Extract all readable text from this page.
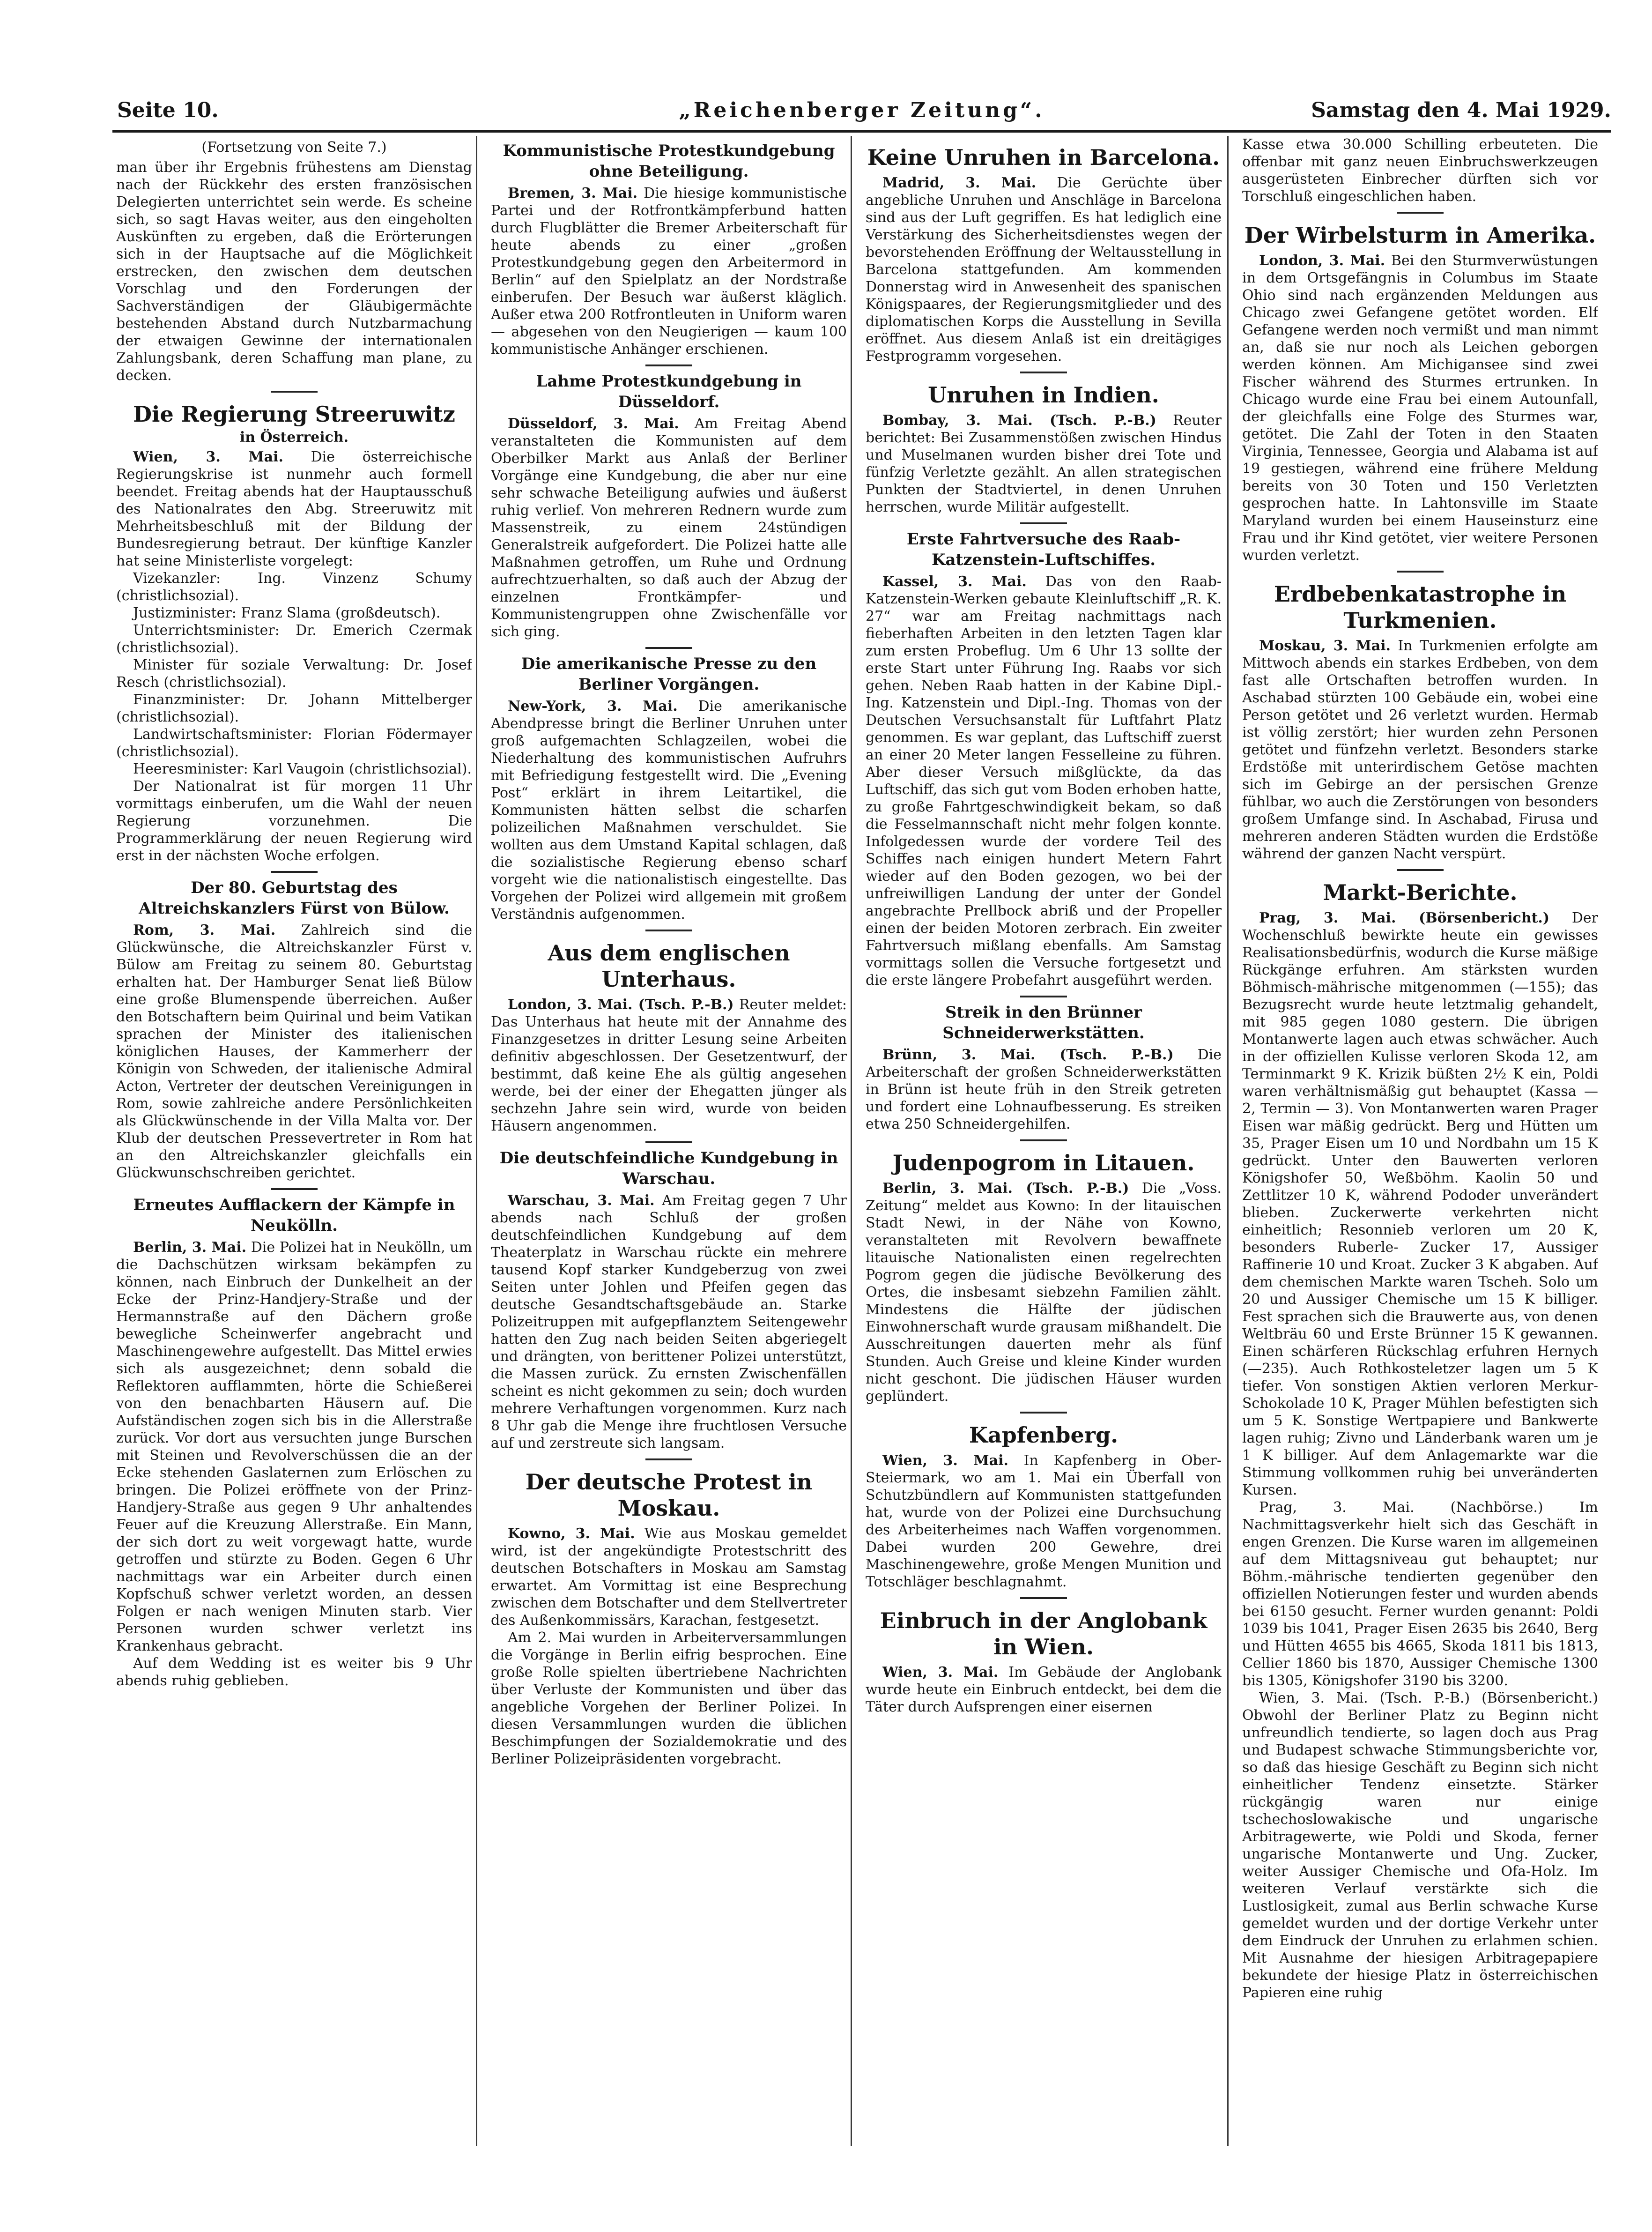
Seite 10.	„Reichenberger Zeitung“.	Samstag den 4. Mai 1929.
(Fortsetzung von Seite 7.)

man über ihr Ergebnis frühestens am Dienstag nach der Rückkehr des ersten französischen Delegierten unterrichtet sein werde. Es scheine sich, so sagt Havas weiter, aus den eingeholten Auskünften zu ergeben, daß die Erörterungen sich in der Hauptsache auf die Möglichkeit erstrecken, den zwischen dem deutschen Vorschlag und den Forderungen der Sachverständigen der Gläubigermächte bestehenden Abstand durch Nutzbarmachung der etwaigen Gewinne der internationalen Zahlungsbank, deren Schaffung man plane, zu decken.

Die Regierung Streeruwitz
in Österreich.

Wien, 3. Mai. Die österreichische Regierungskrise ist nunmehr auch formell beendet. Freitag abends hat der Hauptausschuß des Nationalrates den Abg. Streeruwitz mit Mehrheitsbeschluß mit der Bildung der Bundesregierung betraut. Der künftige Kanzler hat seine Ministerliste vorgelegt:

Vizekanzler: Ing. Vinzenz Schumy (christlichsozial).

Justizminister: Franz Slama (großdeutsch).

Unterrichtsminister: Dr. Emerich Czermak (christlichsozial).

Minister für soziale Verwaltung: Dr. Josef Resch (christlichsozial).

Finanzminister: Dr. Johann Mittelberger (christlichsozial).

Landwirtschaftsminister: Florian Födermayer (christlichsozial).

Heeresminister: Karl Vaugoin (christlichsozial).

Der Nationalrat ist für morgen 11 Uhr vormittags einberufen, um die Wahl der neuen Regierung vorzunehmen. Die Programmerklärung der neuen Regierung wird erst in der nächsten Woche erfolgen.

Der 80. Geburtstag des Altreichskanzlers Fürst von Bülow.

Rom, 3. Mai. Zahlreich sind die Glückwünsche, die Altreichskanzler Fürst v. Bülow am Freitag zu seinem 80. Geburtstag erhalten hat. Der Hamburger Senat ließ Bülow eine große Blumenspende überreichen. Außer den Botschaftern beim Quirinal und beim Vatikan sprachen der Minister des italienischen königlichen Hauses, der Kammerherr der Königin von Schweden, der italienische Admiral Acton, Vertreter der deutschen Vereinigungen in Rom, sowie zahlreiche andere Persönlichkeiten als Glückwünschende in der Villa Malta vor. Der Klub der deutschen Pressevertreter in Rom hat an den Altreichskanzler gleichfalls ein Glückwunschschreiben gerichtet.

Erneutes Aufflackern der Kämpfe in Neukölln.

Berlin, 3. Mai. Die Polizei hat in Neukölln, um die Dachschützen wirksam bekämpfen zu können, nach Einbruch der Dunkelheit an der Ecke der Prinz-Handjery-Straße und der Hermannstraße auf den Dächern große bewegliche Scheinwerfer angebracht und Maschinengewehre aufgestellt. Das Mittel erwies sich als ausgezeichnet; denn sobald die Reflektoren aufflammten, hörte die Schießerei von den benachbarten Häusern auf. Die Aufständischen zogen sich bis in die Allerstraße zurück. Vor dort aus versuchten junge Burschen mit Steinen und Revolverschüssen die an der Ecke stehenden Gaslaternen zum Erlöschen zu bringen. Die Polizei eröffnete von der Prinz-Handjery-Straße aus gegen 9 Uhr anhaltendes Feuer auf die Kreuzung Allerstraße. Ein Mann, der sich dort zu weit vorgewagt hatte, wurde getroffen und stürzte zu Boden. Gegen 6 Uhr nachmittags war ein Arbeiter durch einen Kopfschuß schwer verletzt worden, an dessen Folgen er nach wenigen Minuten starb. Vier Personen wurden schwer verletzt ins Krankenhaus gebracht.

Auf dem Wedding ist es weiter bis 9 Uhr abends ruhig geblieben.

Kommunistische Protestkundgebung ohne Beteiligung.

Bremen, 3. Mai. Die hiesige kommunistische Partei und der Rotfrontkämpferbund hatten durch Flugblätter die Bremer Arbeiterschaft für heute abends zu einer „großen Protestkundgebung gegen den Arbeitermord in Berlin“ auf den Spielplatz an der Nordstraße einberufen. Der Besuch war äußerst kläglich. Außer etwa 200 Rotfrontleuten in Uniform waren — abgesehen von den Neugierigen — kaum 100 kommunistische Anhänger erschienen.

Lahme Protestkundgebung in Düsseldorf.

Düsseldorf, 3. Mai. Am Freitag Abend veranstalteten die Kommunisten auf dem Oberbilker Markt aus Anlaß der Berliner Vorgänge eine Kundgebung, die aber nur eine sehr schwache Beteiligung aufwies und äußerst ruhig verlief. Von mehreren Rednern wurde zum Massenstreik, zu einem 24stündigen Generalstreik aufgefordert. Die Polizei hatte alle Maßnahmen getroffen, um Ruhe und Ordnung aufrechtzuerhalten, so daß auch der Abzug der einzelnen Frontkämpfer- und Kommunistengruppen ohne Zwischenfälle vor sich ging.

Die amerikanische Presse zu den Berliner Vorgängen.

New-York, 3. Mai. Die amerikanische Abendpresse bringt die Berliner Unruhen unter groß aufgemachten Schlagzeilen, wobei die Niederhaltung des kommunistischen Aufruhrs mit Befriedigung festgestellt wird. Die „Evening Post“ erklärt in ihrem Leitartikel, die Kommunisten hätten selbst die scharfen polizeilichen Maßnahmen verschuldet. Sie wollten aus dem Umstand Kapital schlagen, daß die sozialistische Regierung ebenso scharf vorgeht wie die nationalistisch eingestellte. Das Vorgehen der Polizei wird allgemein mit großem Verständnis aufgenommen.

Aus dem englischen Unterhaus.

London, 3. Mai. (Tsch. P.-B.) Reuter meldet: Das Unterhaus hat heute mit der Annahme des Finanzgesetzes in dritter Lesung seine Arbeiten definitiv abgeschlossen. Der Gesetzentwurf, der bestimmt, daß keine Ehe als gültig angesehen werde, bei der einer der Ehegatten jünger als sechzehn Jahre sein wird, wurde von beiden Häusern angenommen.

Die deutschfeindliche Kundgebung in Warschau.

Warschau, 3. Mai. Am Freitag gegen 7 Uhr abends nach Schluß der großen deutschfeindlichen Kundgebung auf dem Theaterplatz in Warschau rückte ein mehrere tausend Kopf starker Kundgeberzug von zwei Seiten unter Johlen und Pfeifen gegen das deutsche Gesandtschaftsgebäude an. Starke Polizeitruppen mit aufgepflanztem Seitengewehr hatten den Zug nach beiden Seiten abgeriegelt und drängten, von berittener Polizei unterstützt, die Massen zurück. Zu ernsten Zwischenfällen scheint es nicht gekommen zu sein; doch wurden mehrere Verhaftungen vorgenommen. Kurz nach 8 Uhr gab die Menge ihre fruchtlosen Versuche auf und zerstreute sich langsam.

Der deutsche Protest in Moskau.

Kowno, 3. Mai. Wie aus Moskau gemeldet wird, ist der angekündigte Protestschritt des deutschen Botschafters in Moskau am Samstag erwartet. Am Vormittag ist eine Besprechung zwischen dem Botschafter und dem Stellvertreter des Außenkommissärs, Karachan, festgesetzt.

Am 2. Mai wurden in Arbeiterversammlungen die Vorgänge in Berlin eifrig besprochen. Eine große Rolle spielten übertriebene Nachrichten über Verluste der Kommunisten und über das angebliche Vorgehen der Berliner Polizei. In diesen Versammlungen wurden die üblichen Beschimpfungen der Sozialdemokratie und des Berliner Polizeipräsidenten vorgebracht.

Keine Unruhen in Barcelona.

Madrid, 3. Mai. Die Gerüchte über angebliche Unruhen und Anschläge in Barcelona sind aus der Luft gegriffen. Es hat lediglich eine Verstärkung des Sicherheitsdienstes wegen der bevorstehenden Eröffnung der Weltausstellung in Barcelona stattgefunden. Am kommenden Donnerstag wird in Anwesenheit des spanischen Königspaares, der Regierungsmitglieder und des diplomatischen Korps die Ausstellung in Sevilla eröffnet. Aus diesem Anlaß ist ein dreitägiges Festprogramm vorgesehen.

Unruhen in Indien.

Bombay, 3. Mai. (Tsch. P.-B.) Reuter berichtet: Bei Zusammenstößen zwischen Hindus und Muselmanen wurden bisher drei Tote und fünfzig Verletzte gezählt. An allen strategischen Punkten der Stadtviertel, in denen Unruhen herrschen, wurde Militär aufgestellt.

Erste Fahrtversuche des Raab-Katzenstein-Luftschiffes.

Kassel, 3. Mai. Das von den Raab-Katzenstein-Werken gebaute Kleinluftschiff „R. K. 27“ war am Freitag nachmittags nach fieberhaften Arbeiten in den letzten Tagen klar zum ersten Probeflug. Um 6 Uhr 13 sollte der erste Start unter Führung Ing. Raabs vor sich gehen. Neben Raab hatten in der Kabine Dipl.-Ing. Katzenstein und Dipl.-Ing. Thomas von der Deutschen Versuchsanstalt für Luftfahrt Platz genommen. Es war geplant, das Luftschiff zuerst an einer 20 Meter langen Fesselleine zu führen. Aber dieser Versuch mißglückte, da das Luftschiff, das sich gut vom Boden erhoben hatte, zu große Fahrtgeschwindigkeit bekam, so daß die Fesselmannschaft nicht mehr folgen konnte. Infolgedessen wurde der vordere Teil des Schiffes nach einigen hundert Metern Fahrt wieder auf den Boden gezogen, wo bei der unfreiwilligen Landung der unter der Gondel angebrachte Prellbock abriß und der Propeller einen der beiden Motoren zerbrach. Ein zweiter Fahrtversuch mißlang ebenfalls. Am Samstag vormittags sollen die Versuche fortgesetzt und die erste längere Probefahrt ausgeführt werden.

Streik in den Brünner Schneiderwerkstätten.

Brünn, 3. Mai. (Tsch. P.-B.) Die Arbeiterschaft der großen Schneiderwerkstätten in Brünn ist heute früh in den Streik getreten und fordert eine Lohnaufbesserung. Es streiken etwa 250 Schneidergehilfen.

Judenpogrom in Litauen.

Berlin, 3. Mai. (Tsch. P.-B.) Die „Voss. Zeitung“ meldet aus Kowno: In der litauischen Stadt Newi, in der Nähe von Kowno, veranstalteten mit Revolvern bewaffnete litauische Nationalisten einen regelrechten Pogrom gegen die jüdische Bevölkerung des Ortes, die insbesamt siebzehn Familien zählt. Mindestens die Hälfte der jüdischen Einwohnerschaft wurde grausam mißhandelt. Die Ausschreitungen dauerten mehr als fünf Stunden. Auch Greise und kleine Kinder wurden nicht geschont. Die jüdischen Häuser wurden geplündert.

Kapfenberg.

Wien, 3. Mai. In Kapfenberg in Ober-Steiermark, wo am 1. Mai ein Überfall von Schutzbündlern auf Kommunisten stattgefunden hat, wurde von der Polizei eine Durchsuchung des Arbeiterheimes nach Waffen vorgenommen. Dabei wurden 200 Gewehre, drei Maschinengewehre, große Mengen Munition und Totschläger beschlagnahmt.

Einbruch in der Anglobank in Wien.

Wien, 3. Mai. Im Gebäude der Anglobank wurde heute ein Einbruch entdeckt, bei dem die Täter durch Aufsprengen einer eisernen

Kasse etwa 30.000 Schilling erbeuteten. Die offenbar mit ganz neuen Einbruchswerkzeugen ausgerüsteten Einbrecher dürften sich vor Torschluß eingeschlichen haben.

Der Wirbelsturm in Amerika.

London, 3. Mai. Bei den Sturmverwüstungen in dem Ortsgefängnis in Columbus im Staate Ohio sind nach ergänzenden Meldungen aus Chicago zwei Gefangene getötet worden. Elf Gefangene werden noch vermißt und man nimmt an, daß sie nur noch als Leichen geborgen werden können. Am Michigansee sind zwei Fischer während des Sturmes ertrunken. In Chicago wurde eine Frau bei einem Autounfall, der gleichfalls eine Folge des Sturmes war, getötet. Die Zahl der Toten in den Staaten Virginia, Tennessee, Georgia und Alabama ist auf 19 gestiegen, während eine frühere Meldung bereits von 30 Toten und 150 Verletzten gesprochen hatte. In Lahtonsville im Staate Maryland wurden bei einem Hauseinsturz eine Frau und ihr Kind getötet, vier weitere Personen wurden verletzt.

Erdbebenkatastrophe in Turkmenien.

Moskau, 3. Mai. In Turkmenien erfolgte am Mittwoch abends ein starkes Erdbeben, von dem fast alle Ortschaften betroffen wurden. In Aschabad stürzten 100 Gebäude ein, wobei eine Person getötet und 26 verletzt wurden. Hermab ist völlig zerstört; hier wurden zehn Personen getötet und fünfzehn verletzt. Besonders starke Erdstöße mit unterirdischem Getöse machten sich im Gebirge an der persischen Grenze fühlbar, wo auch die Zerstörungen von besonders großem Umfange sind. In Aschabad, Firusa und mehreren anderen Städten wurden die Erdstöße während der ganzen Nacht verspürt.

Markt-Berichte.

Prag, 3. Mai. (Börsenbericht.) Der Wochenschluß bewirkte heute ein gewisses Realisationsbedürfnis, wodurch die Kurse mäßige Rückgänge erfuhren. Am stärksten wurden Böhmisch-mährische mitgenommen (—155); das Bezugsrecht wurde heute letztmalig gehandelt, mit 985 gegen 1080 gestern. Die übrigen Montanwerte lagen auch etwas schwächer. Auch in der offiziellen Kulisse verloren Skoda 12, am Terminmarkt 9 K. Krizik büßten 2½ K ein, Poldi waren verhältnismäßig gut behauptet (Kassa — 2, Termin — 3). Von Montanwerten waren Prager Eisen war mäßig gedrückt. Berg und Hütten um 35, Prager Eisen um 10 und Nordbahn um 15 K gedrückt. Unter den Bauwerten verloren Königshofer 50, Weßböhm. Kaolin 50 und Zettlitzer 10 K, während Pododer unverändert blieben. Zuckerwerte verkehrten nicht einheitlich; Resonnieb verloren um 20 K, besonders Ruberle- Zucker 17, Aussiger Raffinerie 10 und Kroat. Zucker 3 K abgaben. Auf dem chemischen Markte waren Tscheh. Solo um 20 und Aussiger Chemische um 15 K billiger. Fest sprachen sich die Brauwerte aus, von denen Weltbräu 60 und Erste Brünner 15 K gewannen. Einen schärferen Rückschlag erfuhren Hernych (—235). Auch Rothkosteletzer lagen um 5 K tiefer. Von sonstigen Aktien verloren Merkur-Schokolade 10 K, Prager Mühlen befestigten sich um 5 K. Sonstige Wertpapiere und Bankwerte lagen ruhig; Zivno und Länderbank waren um je 1 K billiger. Auf dem Anlagemarkte war die Stimmung vollkommen ruhig bei unveränderten Kursen.

Prag, 3. Mai. (Nachbörse.) Im Nachmittagsverkehr hielt sich das Geschäft in engen Grenzen. Die Kurse waren im allgemeinen auf dem Mittagsniveau gut behauptet; nur Böhm.-mährische tendierten gegenüber den offiziellen Notierungen fester und wurden abends bei 6150 gesucht. Ferner wurden genannt: Poldi 1039 bis 1041, Prager Eisen 2635 bis 2640, Berg und Hütten 4655 bis 4665, Skoda 1811 bis 1813, Cellier 1860 bis 1870, Aussiger Chemische 1300 bis 1305, Königshofer 3190 bis 3200.

Wien, 3. Mai. (Tsch. P.-B.) (Börsenbericht.) Obwohl der Berliner Platz zu Beginn nicht unfreundlich tendierte, so lagen doch aus Prag und Budapest schwache Stimmungsberichte vor, so daß das hiesige Geschäft zu Beginn sich nicht einheitlicher Tendenz einsetzte. Stärker rückgängig waren nur einige tschechoslowakische und ungarische Arbitragewerte, wie Poldi und Skoda, ferner ungarische Montanwerte und Ung. Zucker, weiter Aussiger Chemische und Ofa-Holz. Im weiteren Verlauf verstärkte sich die Lustlosigkeit, zumal aus Berlin schwache Kurse gemeldet wurden und der dortige Verkehr unter dem Eindruck der Unruhen zu erlahmen schien. Mit Ausnahme der hiesigen Arbitragepapiere bekundete der hiesige Platz in österreichischen Papieren eine ruhig
